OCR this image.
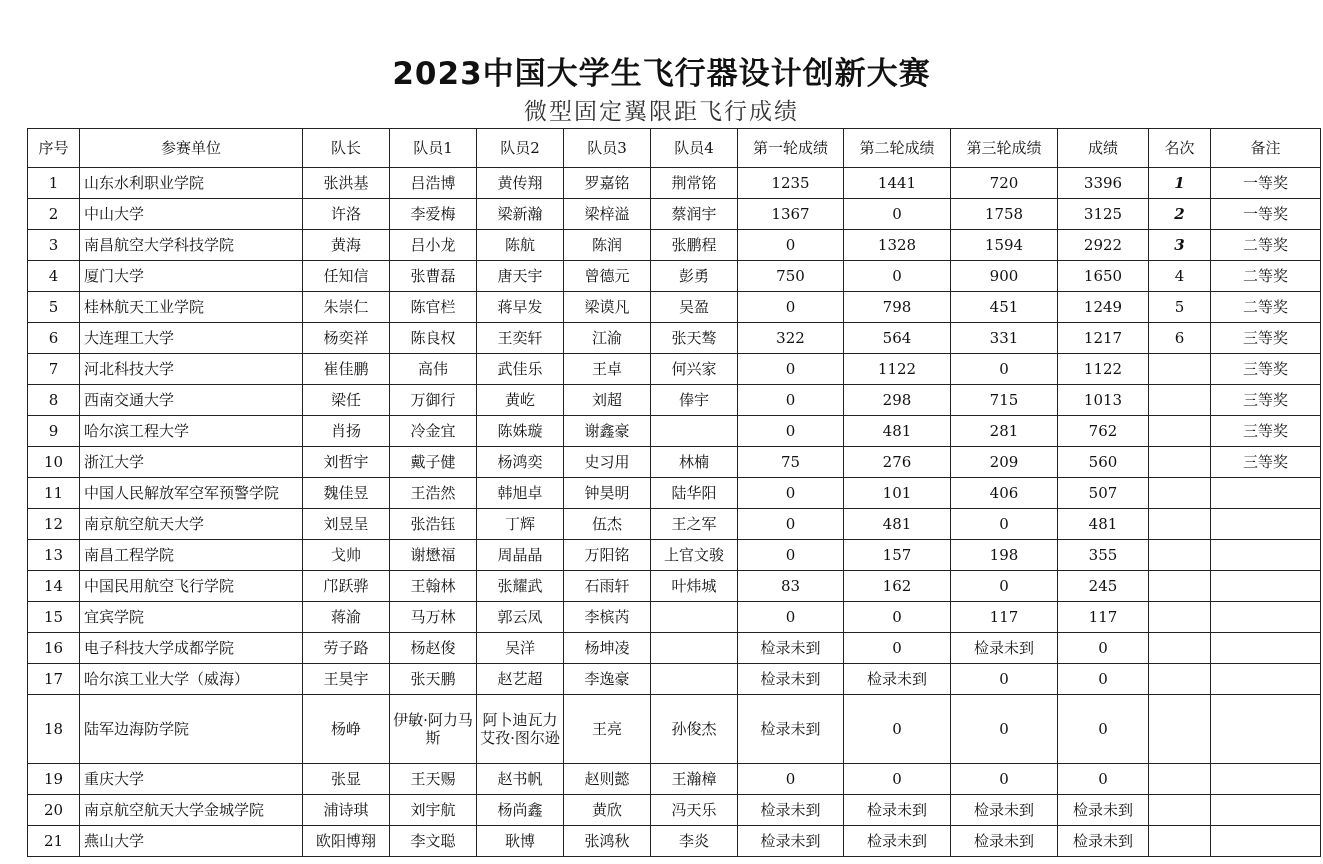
2023中国大学生飞行器设计创新大赛
微型固定翼限距飞行成绩
序号	参赛单位	队长	队员1	队员2	队员3	队员4	第一轮成绩	第二轮成绩	第三轮成绩	成绩	名次	备注
1	山东水利职业学院	张洪基	吕浩博	黄传翔	罗嘉铭	荆常铭	1235	1441	720	3396	1	一等奖
2	中山大学	许洛	李爱梅	梁新瀚	梁梓溢	蔡润宇	1367	0	1758	3125	2	一等奖
3	南昌航空大学科技学院	黄海	吕小龙	陈航	陈润	张鹏程	0	1328	1594	2922	3	二等奖
4	厦门大学	任知信	张曹磊	唐天宇	曾德元	彭勇	750	0	900	1650	4	二等奖
5	桂林航天工业学院	朱崇仁	陈官栏	蒋早发	梁谟凡	吴盈	0	798	451	1249	5	二等奖
6	大连理工大学	杨奕祥	陈良权	王奕轩	江渝	张天骜	322	564	331	1217	6	三等奖
7	河北科技大学	崔佳鹏	高伟	武佳乐	王卓	何兴家	0	1122	0	1122		三等奖
8	西南交通大学	梁任	万御行	黄屹	刘超	俸宇	0	298	715	1013		三等奖
9	哈尔滨工程大学	肖扬	冷金宜	陈姝璇	谢鑫豪		0	481	281	762		三等奖
10	浙江大学	刘哲宇	戴子健	杨鸿奕	史习用	林楠	75	276	209	560		三等奖
11	中国人民解放军空军预警学院	魏佳昱	王浩然	韩旭卓	钟昊明	陆华阳	0	101	406	507		
12	南京航空航天大学	刘昱呈	张浩钰	丁辉	伍杰	王之军	0	481	0	481		
13	南昌工程学院	戈帅	谢懋福	周晶晶	万阳铭	上官文骏	0	157	198	355		
14	中国民用航空飞行学院	邝跃骅	王翰林	张耀武	石雨轩	叶炜城	83	162	0	245		
15	宜宾学院	蒋渝	马万林	郭云凤	李槟芮		0	0	117	117		
16	电子科技大学成都学院	劳子路	杨赵俊	吴洋	杨坤凌		检录未到	0	检录未到	0		
17	哈尔滨工业大学（威海）	王昊宇	张天鹏	赵艺超	李逸豪		检录未到	检录未到	0	0		
18	陆军边海防学院	杨峥	伊敏·阿力马斯	阿卜迪瓦力艾孜·图尔逊	王亮	孙俊杰	检录未到	0	0	0		
19	重庆大学	张显	王天赐	赵书帆	赵则懿	王瀚樟	0	0	0	0		
20	南京航空航天大学金城学院	浦诗琪	刘宇航	杨尚鑫	黄欣	冯天乐	检录未到	检录未到	检录未到	检录未到		
21	燕山大学	欧阳博翔	李文聪	耿博	张鸿秋	李炎	检录未到	检录未到	检录未到	检录未到		
